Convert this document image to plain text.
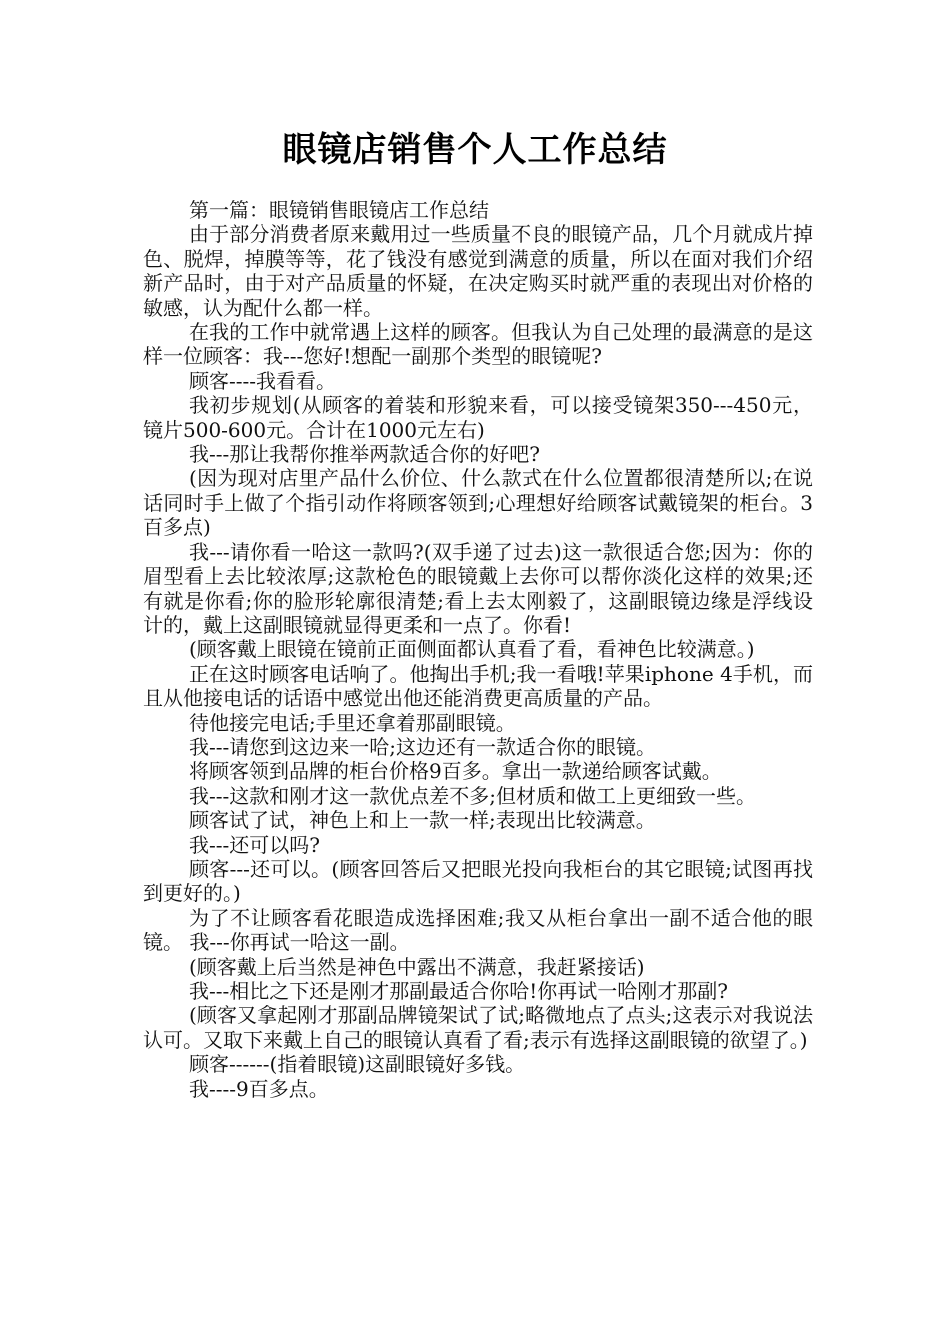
眼镜店销售个人工作总结

第一篇：眼镜销售眼镜店工作总结

由于部分消费者原来戴用过一些质量不良的眼镜产品，几个月就成片掉色、脱焊，掉膜等等，花了钱没有感觉到满意的质量，所以在面对我们介绍新产品时，由于对产品质量的怀疑，在决定购买时就严重的表现出对价格的敏感，认为配什么都一样。

在我的工作中就常遇上这样的顾客。但我认为自己处理的最满意的是这样一位顾客：我---您好!想配一副那个类型的眼镜呢?

顾客----我看看。

我初步规划(从顾客的着装和形貌来看，可以接受镜架350---450元，镜片500-600元。合计在1000元左右)

我---那让我帮你推举两款适合你的好吧?

(因为现对店里产品什么价位、什么款式在什么位置都很清楚所以;在说话同时手上做了个指引动作将顾客领到;心理想好给顾客试戴镜架的柜台。3百多点)

我---请你看一哈这一款吗?(双手递了过去)这一款很适合您;因为：你的眉型看上去比较浓厚;这款枪色的眼镜戴上去你可以帮你淡化这样的效果;还有就是你看;你的脸形轮廓很清楚;看上去太刚毅了，这副眼镜边缘是浮线设计的，戴上这副眼镜就显得更柔和一点了。你看!

(顾客戴上眼镜在镜前正面侧面都认真看了看，看神色比较满意。)

正在这时顾客电话响了。他掏出手机;我一看哦!苹果iphone 4手机，而且从他接电话的话语中感觉出他还能消费更高质量的产品。

待他接完电话;手里还拿着那副眼镜。

我---请您到这边来一哈;这边还有一款适合你的眼镜。

将顾客领到品牌的柜台价格9百多。拿出一款递给顾客试戴。

我---这款和刚才这一款优点差不多;但材质和做工上更细致一些。

顾客试了试，神色上和上一款一样;表现出比较满意。

我---还可以吗?

顾客---还可以。(顾客回答后又把眼光投向我柜台的其它眼镜;试图再找到更好的。)

为了不让顾客看花眼造成选择困难;我又从柜台拿出一副不适合他的眼镜。 我---你再试一哈这一副。

(顾客戴上后当然是神色中露出不满意，我赶紧接话)

我---相比之下还是刚才那副最适合你哈!你再试一哈刚才那副?

(顾客又拿起刚才那副品牌镜架试了试;略微地点了点头;这表示对我说法认可。又取下来戴上自己的眼镜认真看了看;表示有选择这副眼镜的欲望了。)

顾客------(指着眼镜)这副眼镜好多钱。

我----9百多点。
